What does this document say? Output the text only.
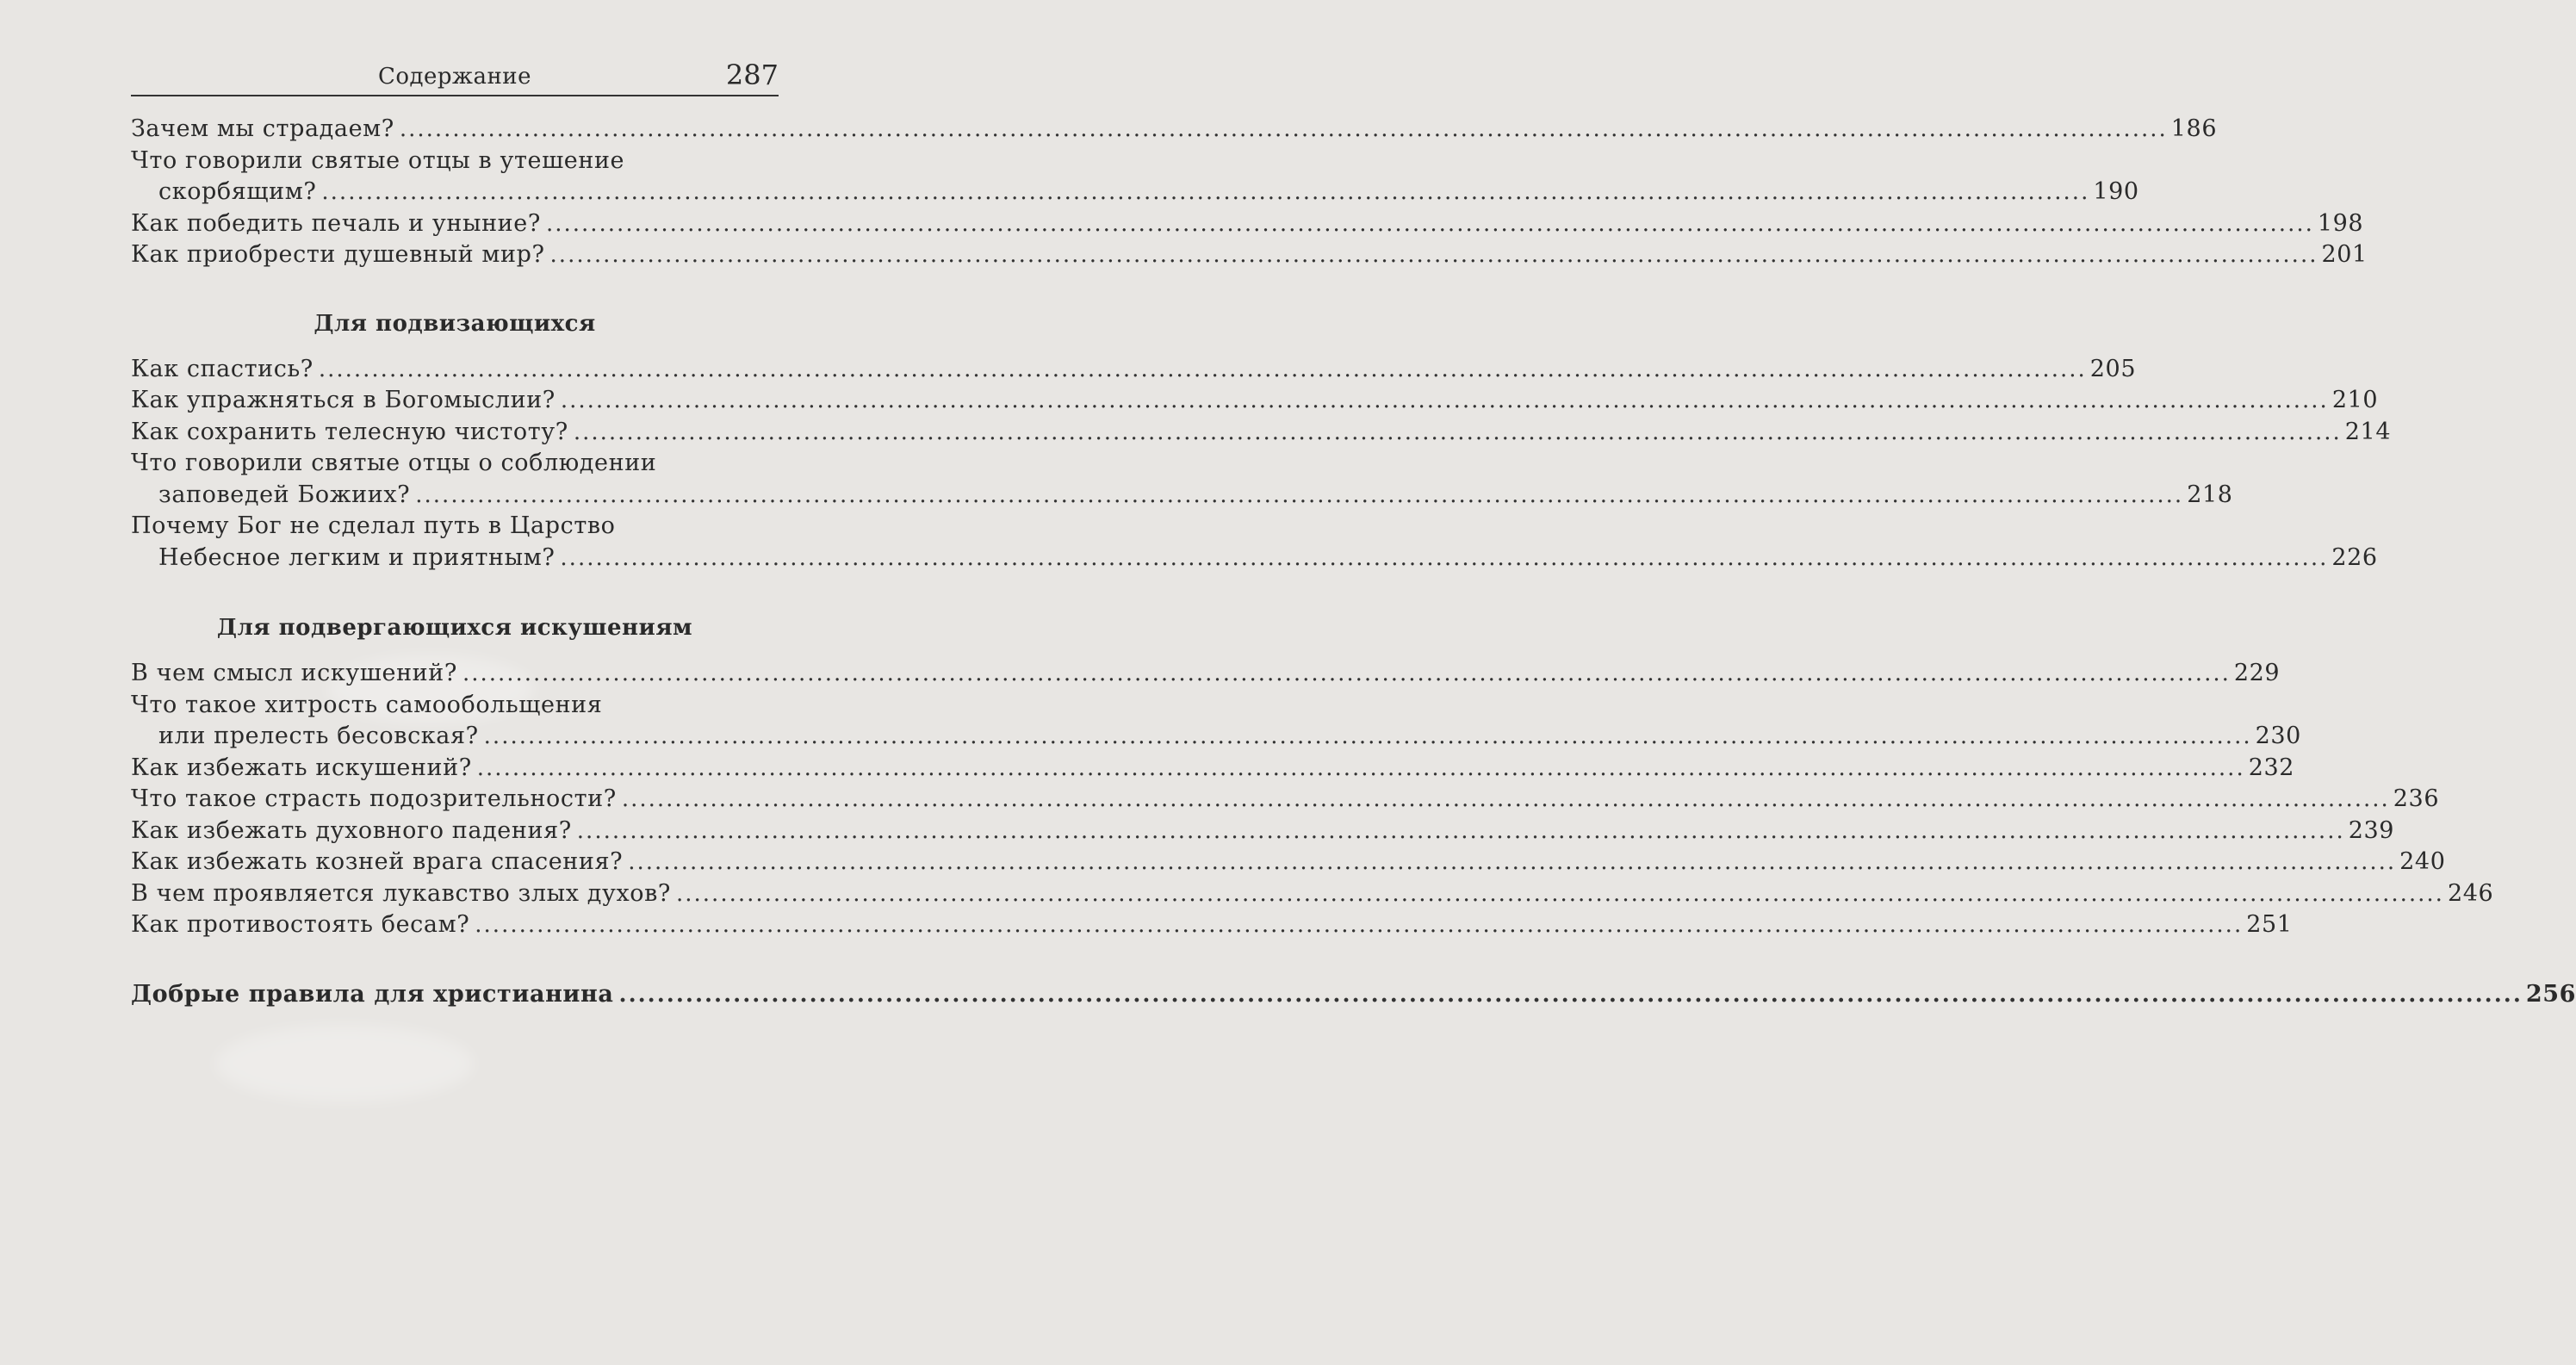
Содержание	287
Зачем мы страдаем? ........................................................................................................................................................................................................ 186
Что говорили святые отцы в утешение
скорбящим? ........................................................................................................................................................................................................ 190
Как победить печаль и уныние? ........................................................................................................................................................................................................ 198
Как приобрести душевный мир? ........................................................................................................................................................................................................ 201
Для подвизающихся
Как спастись? ........................................................................................................................................................................................................ 205
Как упражняться в Богомыслии? ........................................................................................................................................................................................................ 210
Как сохранить телесную чистоту? ........................................................................................................................................................................................................ 214
Что говорили святые отцы о соблюдении
заповедей Божиих? ........................................................................................................................................................................................................ 218
Почему Бог не сделал путь в Царство
Небесное легким и приятным? ........................................................................................................................................................................................................ 226
Для подвергающихся искушениям
В чем смысл искушений? ........................................................................................................................................................................................................ 229
Что такое хитрость самообольщения
или прелесть бесовская? ........................................................................................................................................................................................................ 230
Как избежать искушений? ........................................................................................................................................................................................................ 232
Что такое страсть подозрительности? ........................................................................................................................................................................................................ 236
Как избежать духовного падения? ........................................................................................................................................................................................................ 239
Как избежать козней врага спасения? ........................................................................................................................................................................................................ 240
В чем проявляется лукавство злых духов? ........................................................................................................................................................................................................ 246
Как противостоять бесам? ........................................................................................................................................................................................................ 251
Добрые правила для христианина ........................................................................................................................................................................................................ 256
